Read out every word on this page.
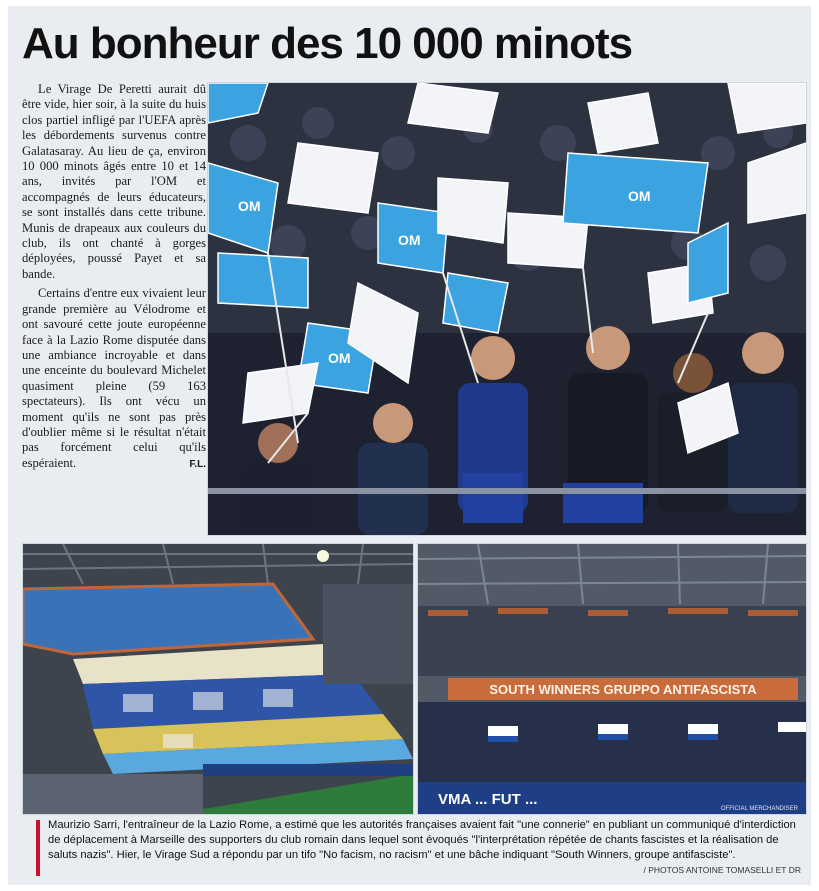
Au bonheur des 10 000 minots

Le Virage De Peretti aurait dû être vide, hier soir, à la suite du huis clos partiel infligé par l'UEFA après les débordements survenus contre Galatasaray. Au lieu de ça, environ 10 000 minots âgés entre 10 et 14 ans, invités par l'OM et accompagnés de leurs éducateurs, se sont installés dans cette tribune. Munis de drapeaux aux couleurs du club, ils ont chanté à gorges déployées, poussé Payet et sa bande.

Certains d'entre eux vivaient leur grande première au Vélodrome et ont savouré cette joute européenne face à la Lazio Rome disputée dans une ambiance incroyable et dans une enceinte du boulevard Michelet quasiment pleine (59 163 spectateurs). Ils ont vécu un moment qu'ils ne sont pas près d'oublier même si le résultat n'était pas forcément celui qu'ils espéraient.	F.L.
OM
OM
OM
OM
SOUTH WINNERS GRUPPO ANTIFASCISTA
VMA ... FUT ...
OFFICIAL MERCHANDISER
Maurizio Sarri, l'entraîneur de la Lazio Rome, a estimé que les autorités françaises avaient fait "une connerie" en publiant un communiqué d'interdiction de déplacement à Marseille des supporters du club romain dans lequel sont évoqués "l'interprétation répétée de chants fascistes et la réalisation de saluts nazis". Hier, le Virage Sud a répondu par un tifo "No facism, no racism" et une bâche indiquant "South Winners, groupe antifasciste".
/ PHOTOS ANTOINE TOMASELLI ET DR
